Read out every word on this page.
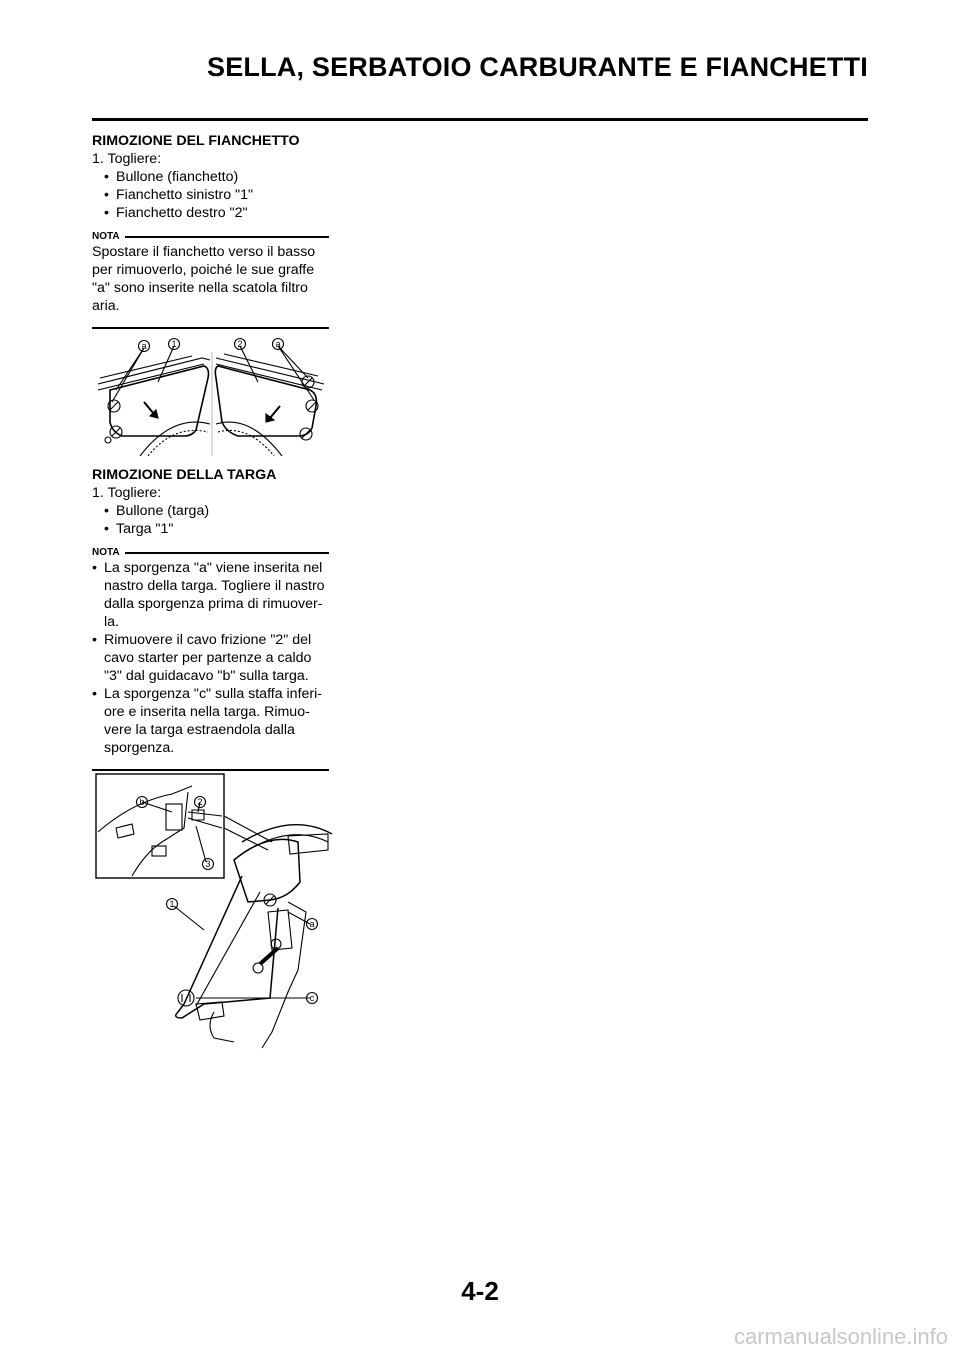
SELLA, SERBATOIO CARBURANTE E FIANCHETTI
RIMOZIONE DEL FIANCHETTO
1. Togliere:
• Bullone (fianchetto)
• Fianchetto sinistro "1"
• Fianchetto destro "2"
NOTA
Spostare il fianchetto verso il basso
per rimuoverlo, poiché le sue graffe
"a" sono inserite nella scatola filtro
aria.
a	1	2	a
RIMOZIONE DELLA TARGA
1. Togliere:
• Bullone (targa)
• Targa "1"
NOTA
• La sporgenza "a" viene inserita nel
nastro della targa. Togliere il nastro
dalla sporgenza prima di rimuover-
la.
• Rimuovere il cavo frizione "2" del
cavo starter per partenze a caldo
"3" dal guidacavo "b" sulla targa.
• La sporgenza "c" sulla staffa inferi-
ore e inserita nella targa. Rimuo-
vere la targa estraendola dalla
sporgenza.
b	2
3
1
a
c
4-2
carmanualsonline.info
